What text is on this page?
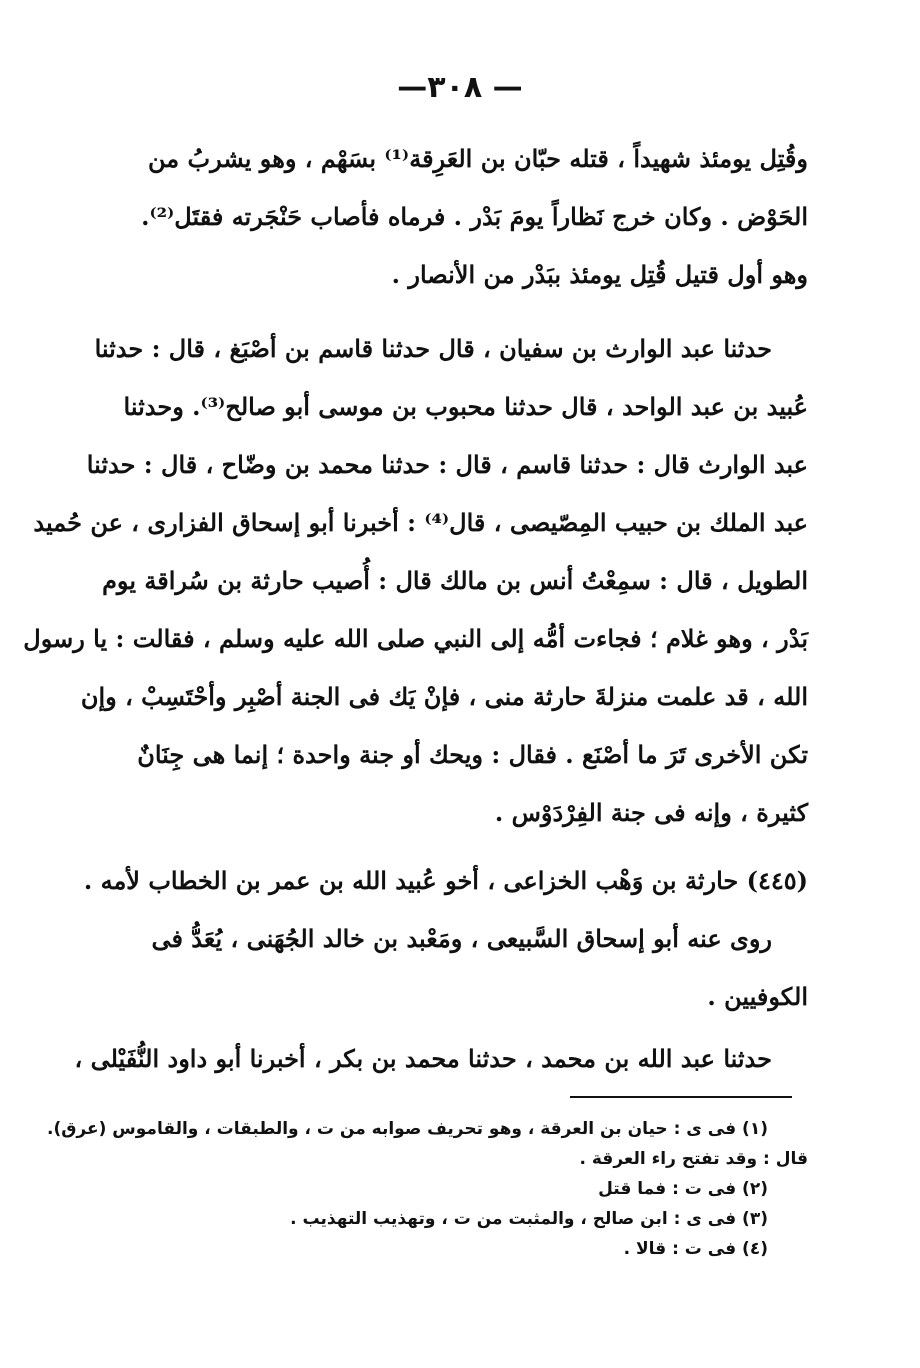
—٣٠٨ —
وقُتِل يومئذ شهيداً ، قتله حبّان بن العَرِقة⁽¹⁾ بسَهْم ، وهو يشربُ من
الحَوْض . وكان خرج نَظاراً يومَ بَدْر . فرماه فأصاب حَنْجَرته فقتَل⁽²⁾.
وهو أول قتيل قُتِل يومئذ ببَدْر من الأنصار .
حدثنا عبد الوارث بن سفيان ، قال حدثنا قاسم بن أصْبَغ ، قال : حدثنا
عُبيد بن عبد الواحد ، قال حدثنا محبوب بن موسى أبو صالح⁽³⁾. وحدثنا
عبد الوارث قال : حدثنا قاسم ، قال : حدثنا محمد بن وضّاح ، قال : حدثنا
عبد الملك بن حبيب المِصّيصى ، قال⁽⁴⁾ : أخبرنا أبو إسحاق الفزارى ، عن حُميد
الطويل ، قال : سمِعْتُ أنس بن مالك قال : أُصيب حارثة بن سُراقة يوم
بَدْر ، وهو غلام ؛ فجاءت أمُّه إلى النبي صلى الله عليه وسلم ، فقالت : يا رسول
الله ، قد علمت منزلةَ حارثة منى ، فإنْ يَك فى الجنة أصْبِر وأحْتَسِبْ ، وإن
تكن الأخرى تَرَ ما أصْنَع . فقال : ويحك أو جنة واحدة ؛ إنما هى جِنَانٌ
كثيرة ، وإنه فى جنة الفِرْدَوْس .
(٤٤٥) حارثة بن وَهْب الخزاعى ، أخو عُبيد الله بن عمر بن الخطاب لأمه .
روى عنه أبو إسحاق السَّبيعى ، ومَعْبد بن خالد الجُهَنى ، يُعَدُّ فى
الكوفيين .
حدثنا عبد الله بن محمد ، حدثنا محمد بن بكر ، أخبرنا أبو داود النُّفَيْلى ،
(١) فى ى : حيان بن العرقة ، وهو تحريف صوابه من ت ، والطبقات ، والقاموس (عرق).
قال : وقد تفتح راء العرقة .
(٢) فى ت : فما قتل
(٣) فى ى : ابن صالح ، والمثبت من ت ، وتهذيب التهذيب .
(٤) فى ت : قالا .
